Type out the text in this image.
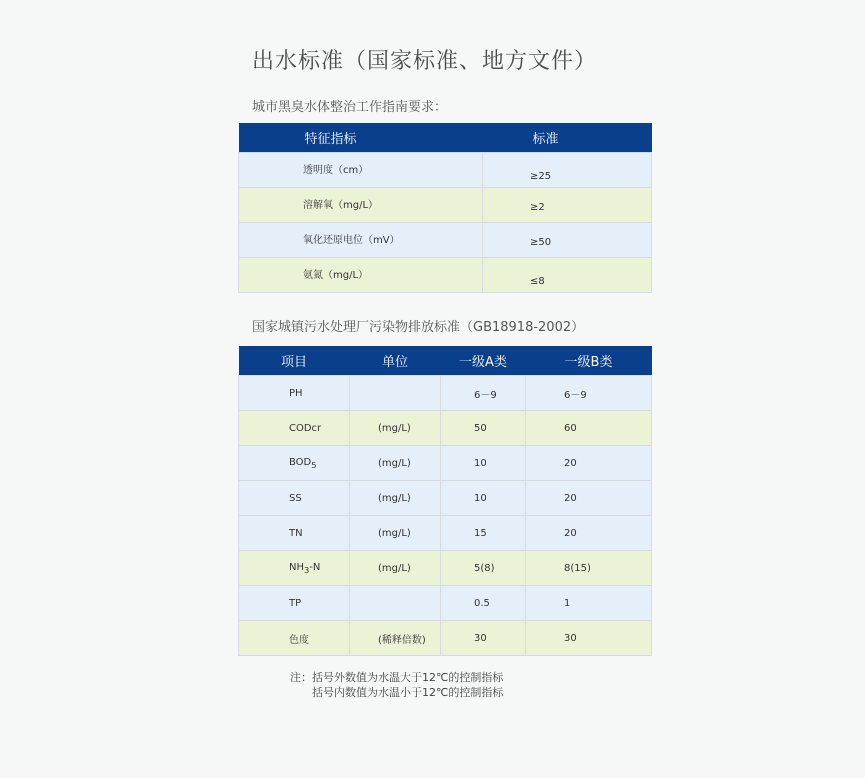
出水标准（国家标准、地方文件）
城市黑臭水体整治工作指南要求：
特征指标	标准
透明度（cm）	≥25
溶解氧（mg/L）	≥2
氧化还原电位（mV）	≥50
氨氮（mg/L）	≤8
国家城镇污水处理厂污染物排放标准（GB18918-2002）
项目	单位	一级A类	一级B类
PH		6－9	6－9
CODcr	(mg/L)	50	60
$BOD_5$	(mg/L)	10	20
SS	(mg/L)	10	20
TN	(mg/L)	15	20
$NH_3-N$	(mg/L)	5(8)	8(15)
TP		0.5	1
色度	(稀释倍数)	30	30
注：括号外数值为水温大于12℃的控制指标
括号内数值为水温小于12℃的控制指标
